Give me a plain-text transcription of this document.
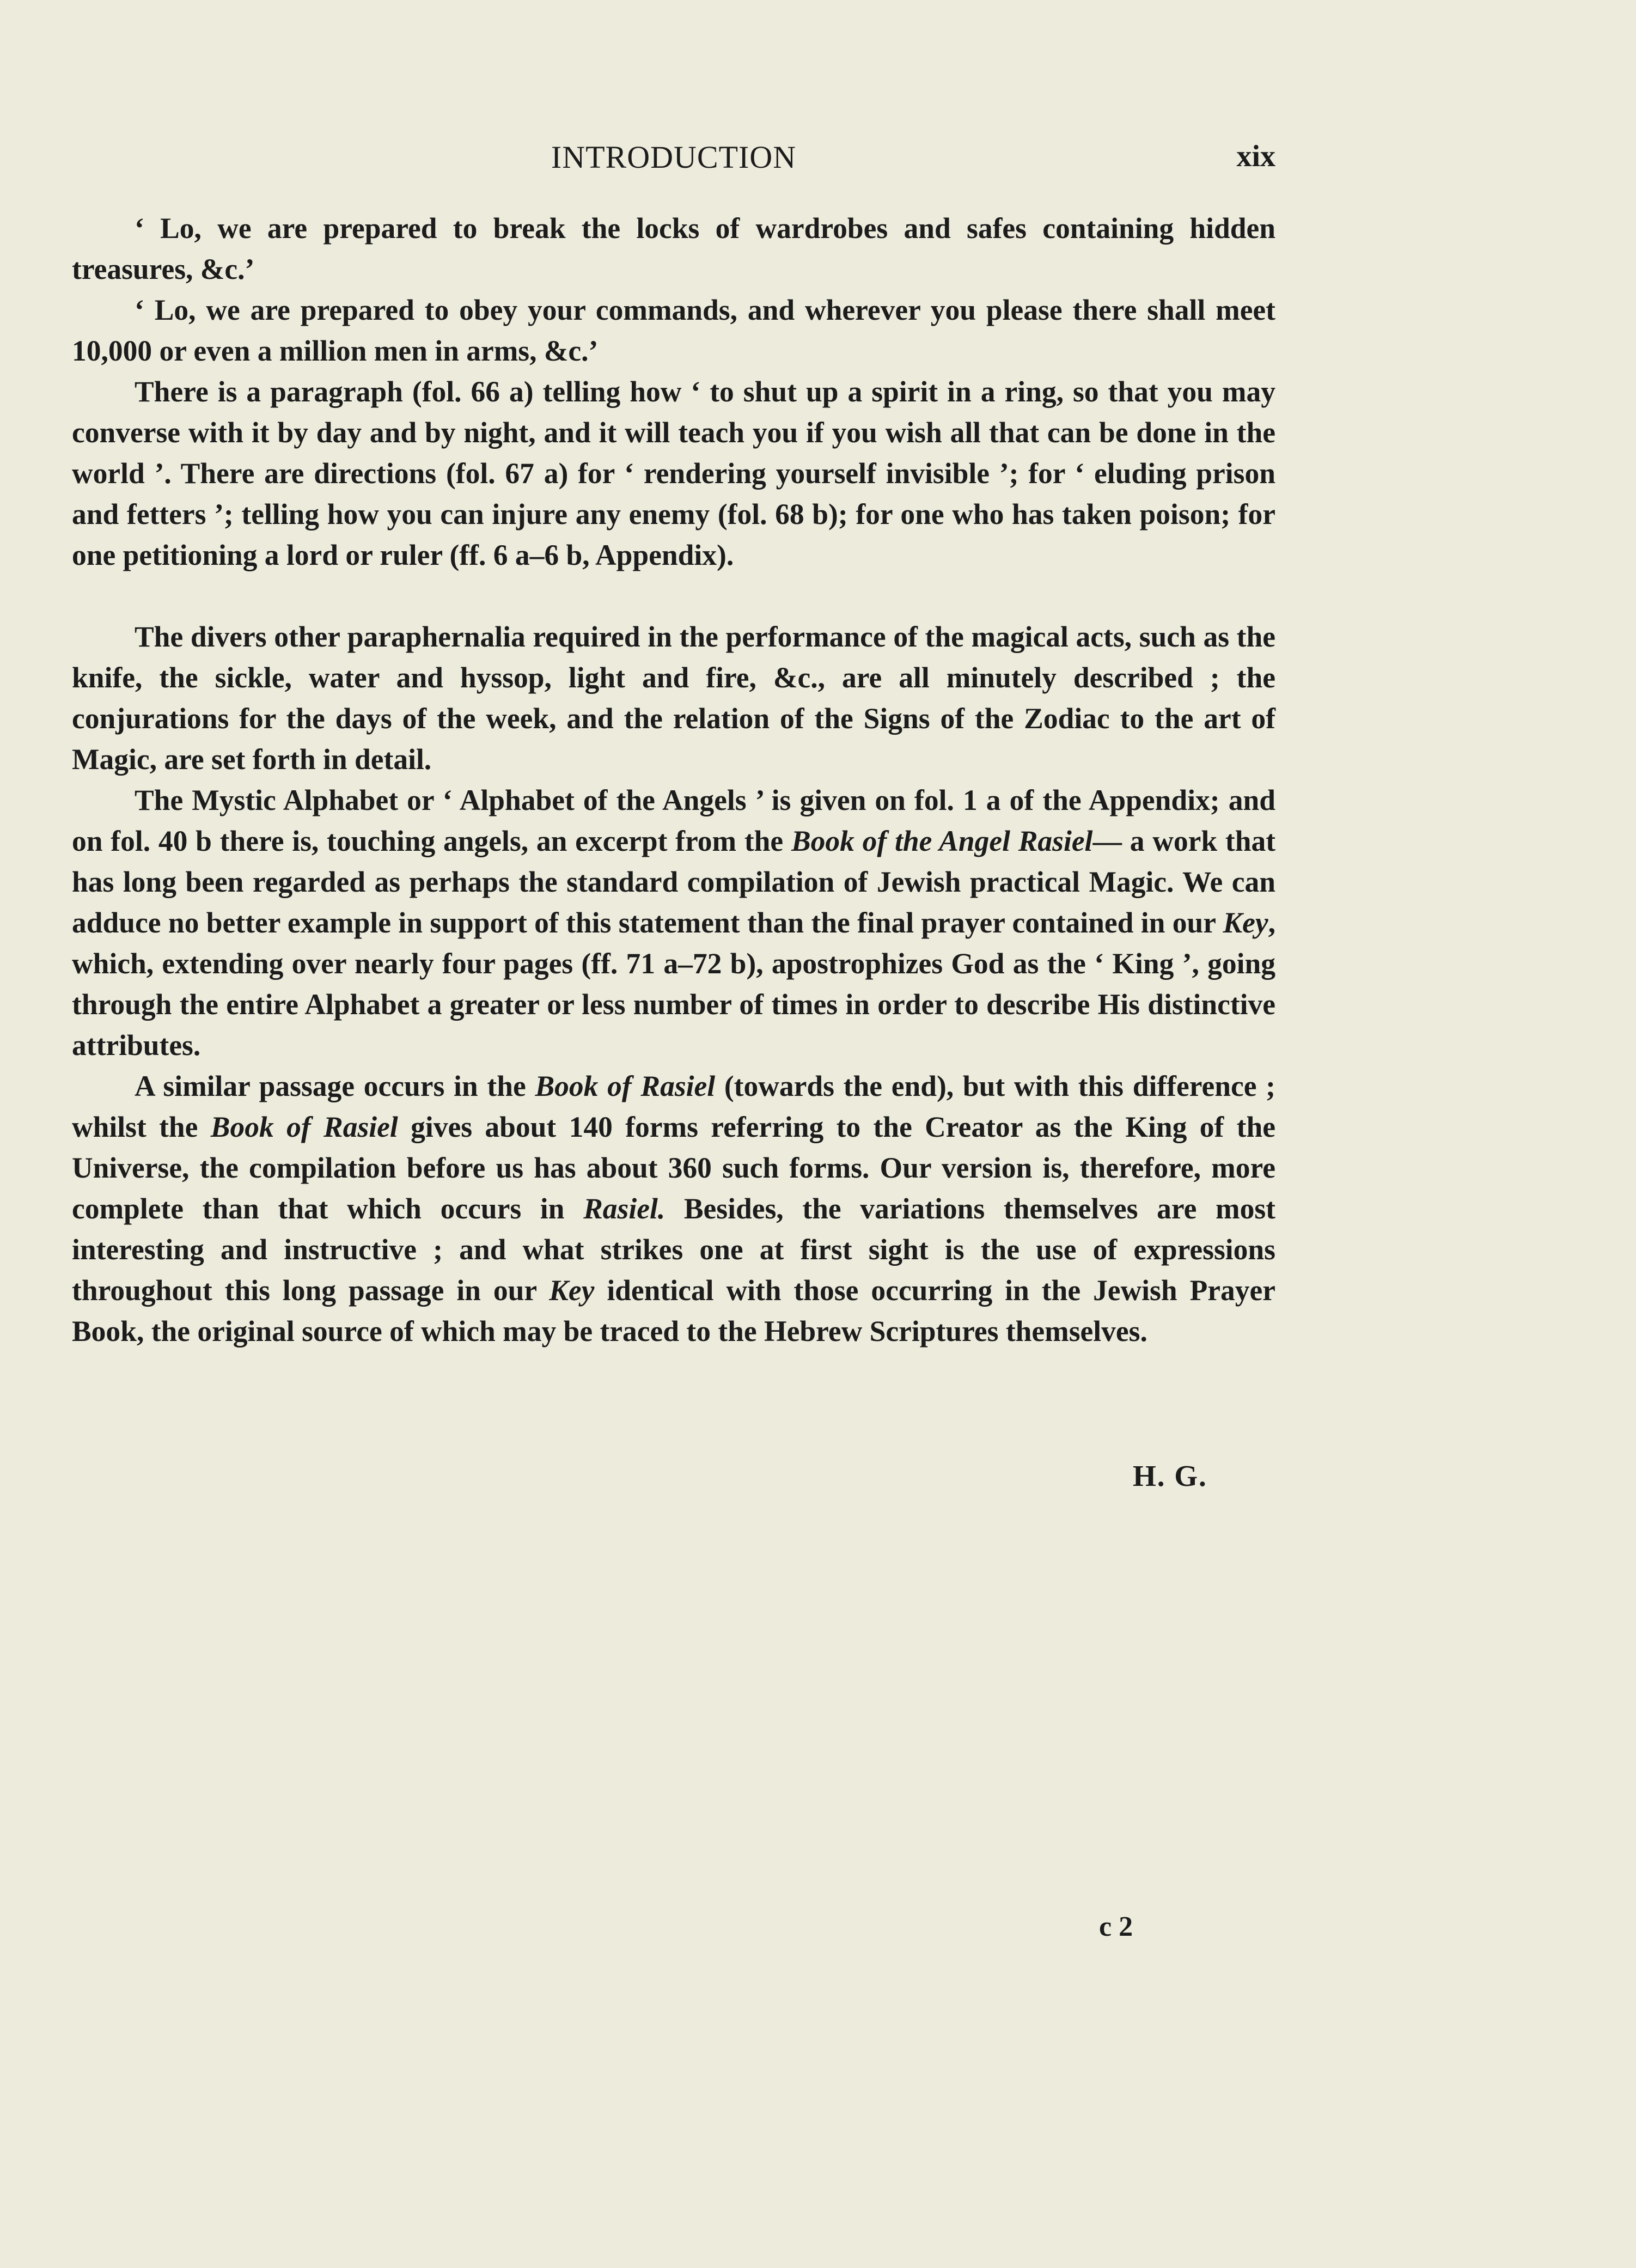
INTRODUCTION	xix

‘ Lo, we are prepared to break the locks of wardrobes and safes containing hidden treasures, &c.’

‘ Lo, we are prepared to obey your commands, and wherever you please there shall meet 10,000 or even a million men in arms, &c.’

There is a paragraph (fol. 66 a) telling how ‘ to shut up a spirit in a ring, so that you may converse with it by day and by night, and it will teach you if you wish all that can be done in the world ’. There are directions (fol. 67 a) for ‘ rendering yourself invisible ’; for ‘ eluding prison and fetters ’; telling how you can injure any enemy (fol. 68 b); for one who has taken poison; for one petitioning a lord or ruler (ff. 6 a–6 b, Appendix).

The divers other paraphernalia required in the performance of the magical acts, such as the knife, the sickle, water and hyssop, light and fire, &c., are all minutely described ; the conjurations for the days of the week, and the relation of the Signs of the Zodiac to the art of Magic, are set forth in detail.

The Mystic Alphabet or ‘ Alphabet of the Angels ’ is given on fol. 1 a of the Appendix; and on fol. 40 b there is, touching angels, an excerpt from the Book of the Angel Rasiel— a work that has long been regarded as perhaps the standard compilation of Jewish practical Magic. We can adduce no better example in support of this statement than the final prayer contained in our Key, which, extending over nearly four pages (ff. 71 a–72 b), apostrophizes God as the ‘ King ’, going through the entire Alphabet a greater or less number of times in order to describe His distinctive attributes.

A similar passage occurs in the Book of Rasiel (towards the end), but with this difference ; whilst the Book of Rasiel gives about 140 forms referring to the Creator as the King of the Universe, the compilation before us has about 360 such forms. Our version is, therefore, more complete than that which occurs in Rasiel. Besides, the variations themselves are most interesting and instructive ; and what strikes one at first sight is the use of expressions throughout this long passage in our Key identical with those occurring in the Jewish Prayer Book, the original source of which may be traced to the Hebrew Scriptures themselves.

H. G.
c 2
